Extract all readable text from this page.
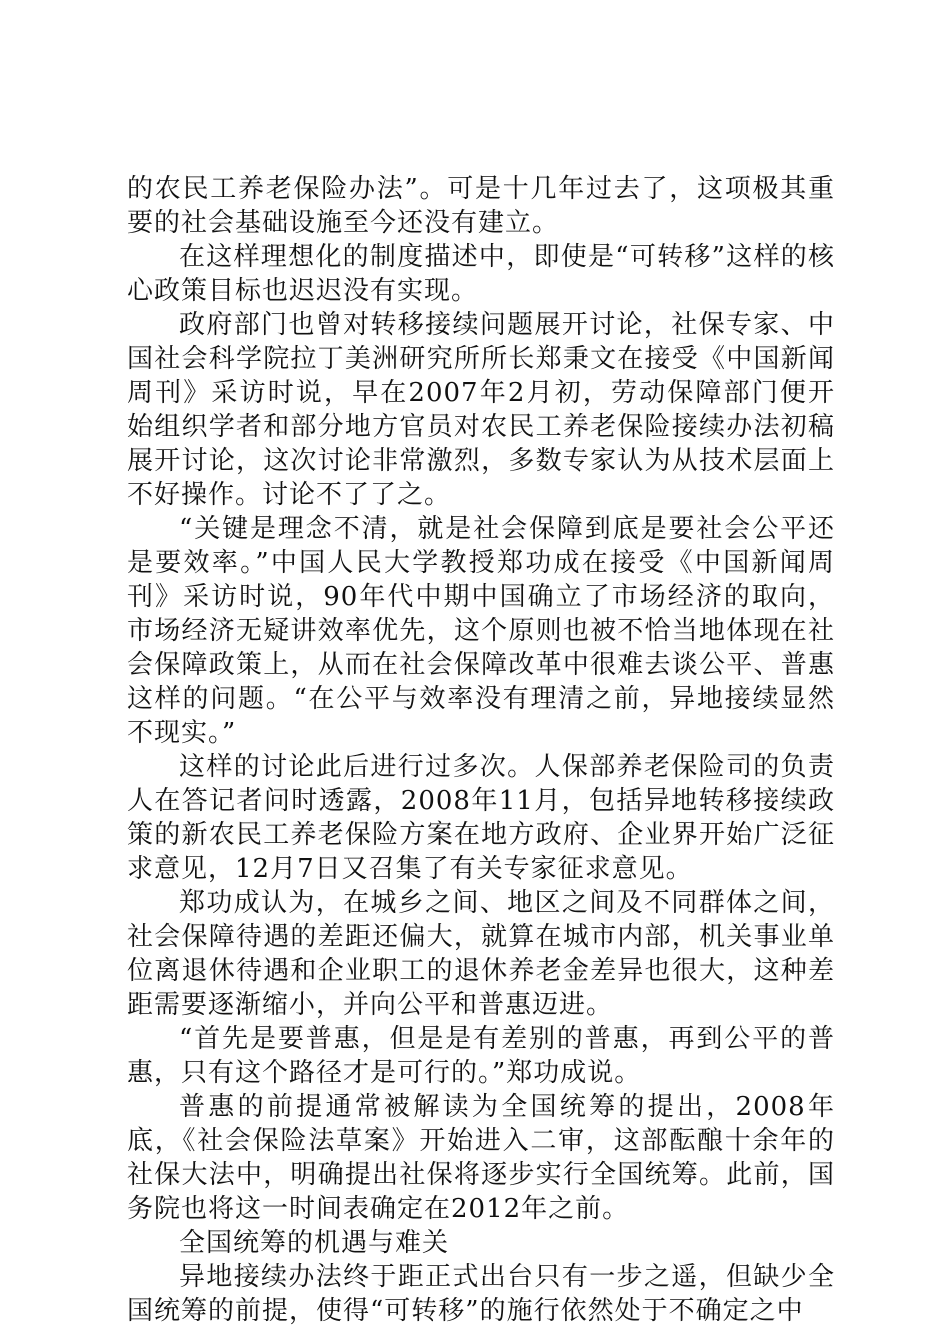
的农民工养老保险办法”。可是十几年过去了，这项极其重要的社会基础设施至今还没有建立。

在这样理想化的制度描述中，即使是“可转移”这样的核心政策目标也迟迟没有实现。

政府部门也曾对转移接续问题展开讨论，社保专家、中国社会科学院拉丁美洲研究所所长郑秉文在接受《中国新闻周刊》采访时说，早在2007年2月初，劳动保障部门便开始组织学者和部分地方官员对农民工养老保险接续办法初稿展开讨论，这次讨论非常激烈，多数专家认为从技术层面上不好操作。讨论不了了之。

“关键是理念不清，就是社会保障到底是要社会公平还是要效率。”中国人民大学教授郑功成在接受《中国新闻周刊》采访时说，90年代中期中国确立了市场经济的取向，市场经济无疑讲效率优先，这个原则也被不恰当地体现在社会保障政策上，从而在社会保障改革中很难去谈公平、普惠这样的问题。“在公平与效率没有理清之前，异地接续显然不现实。”

这样的讨论此后进行过多次。人保部养老保险司的负责人在答记者问时透露，2008年11月，包括异地转移接续政策的新农民工养老保险方案在地方政府、企业界开始广泛征求意见，12月7日又召集了有关专家征求意见。

郑功成认为，在城乡之间、地区之间及不同群体之间，社会保障待遇的差距还偏大，就算在城市内部，机关事业单位离退休待遇和企业职工的退休养老金差异也很大，这种差距需要逐渐缩小，并向公平和普惠迈进。

“首先是要普惠，但是是有差别的普惠，再到公平的普惠，只有这个路径才是可行的。”郑功成说。

普惠的前提通常被解读为全国统筹的提出，2008年底，《社会保险法草案》开始进入二审，这部酝酿十余年的社保大法中，明确提出社保将逐步实行全国统筹。此前，国务院也将这一时间表确定在2012年之前。

全国统筹的机遇与难关

异地接续办法终于距正式出台只有一步之遥，但缺少全国统筹的前提，使得“可转移”的施行依然处于不确定之中
